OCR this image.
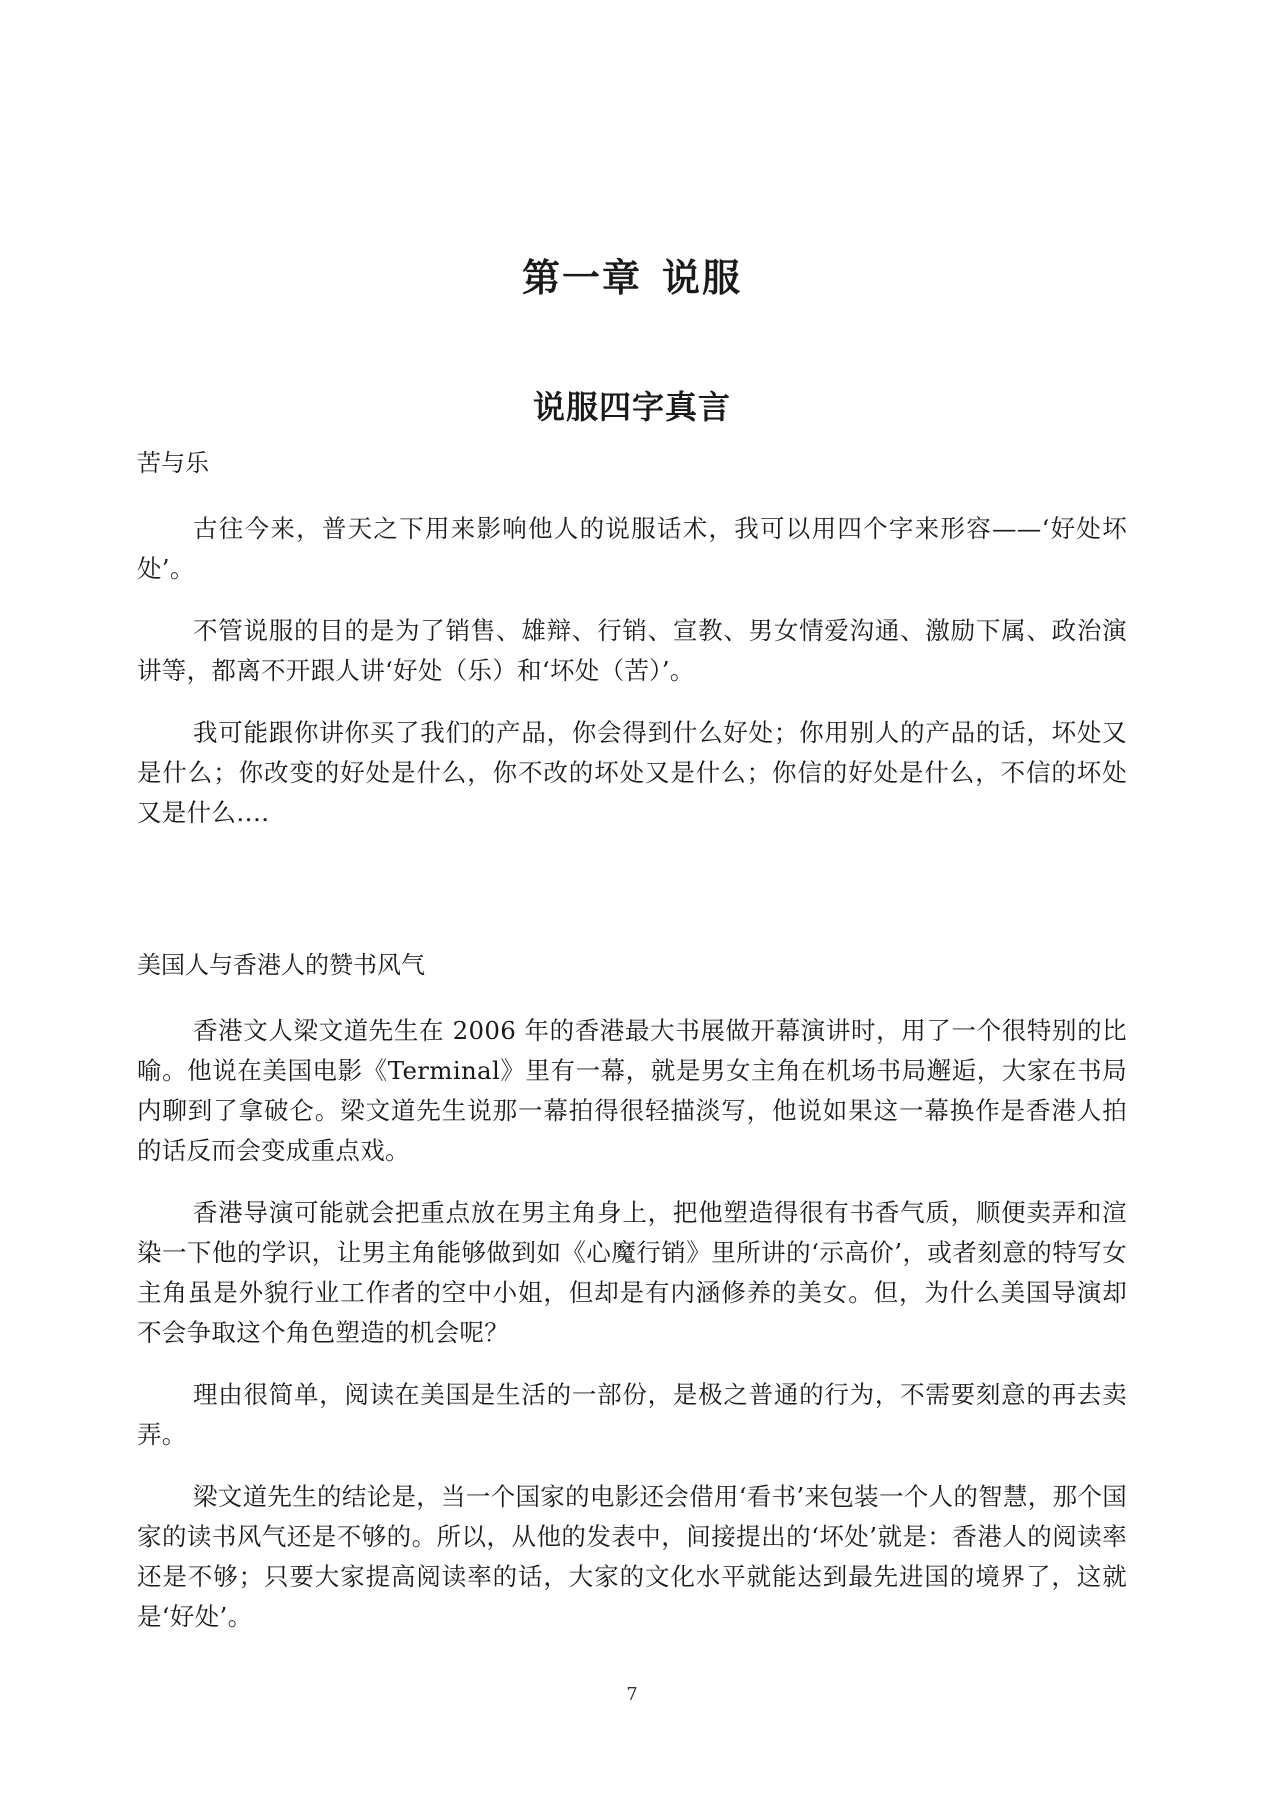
第一章 说服
说服四字真言

苦与乐

古往今来，普天之下用来影响他人的说服话术，我可以用四个字来形容——‘好处坏处’。

不管说服的目的是为了销售、雄辩、行销、宣教、男女情爱沟通、激励下属、政治演讲等，都离不开跟人讲‘好处（乐）和‘坏处（苦）’。

我可能跟你讲你买了我们的产品，你会得到什么好处；你用别人的产品的话，坏处又是什么；你改变的好处是什么，你不改的坏处又是什么；你信的好处是什么，不信的坏处又是什么‥‥

美国人与香港人的赞书风气

香港文人梁文道先生在 2006 年的香港最大书展做开幕演讲时，用了一个很特别的比喻。他说在美国电影《Terminal》里有一幕，就是男女主角在机场书局邂逅，大家在书局内聊到了拿破仑。梁文道先生说那一幕拍得很轻描淡写，他说如果这一幕换作是香港人拍的话反而会变成重点戏。

香港导演可能就会把重点放在男主角身上，把他塑造得很有书香气质，顺便卖弄和渲染一下他的学识，让男主角能够做到如《心魔行销》里所讲的‘示高价’，或者刻意的特写女主角虽是外貌行业工作者的空中小姐，但却是有内涵修养的美女。但，为什么美国导演却不会争取这个角色塑造的机会呢？

理由很简单，阅读在美国是生活的一部份，是极之普通的行为，不需要刻意的再去卖弄。

梁文道先生的结论是，当一个国家的电影还会借用‘看书’来包装一个人的智慧，那个国家的读书风气还是不够的。所以，从他的发表中，间接提出的‘坏处’就是：香港人的阅读率还是不够；只要大家提高阅读率的话，大家的文化水平就能达到最先进国的境界了，这就是‘好处’。

7
